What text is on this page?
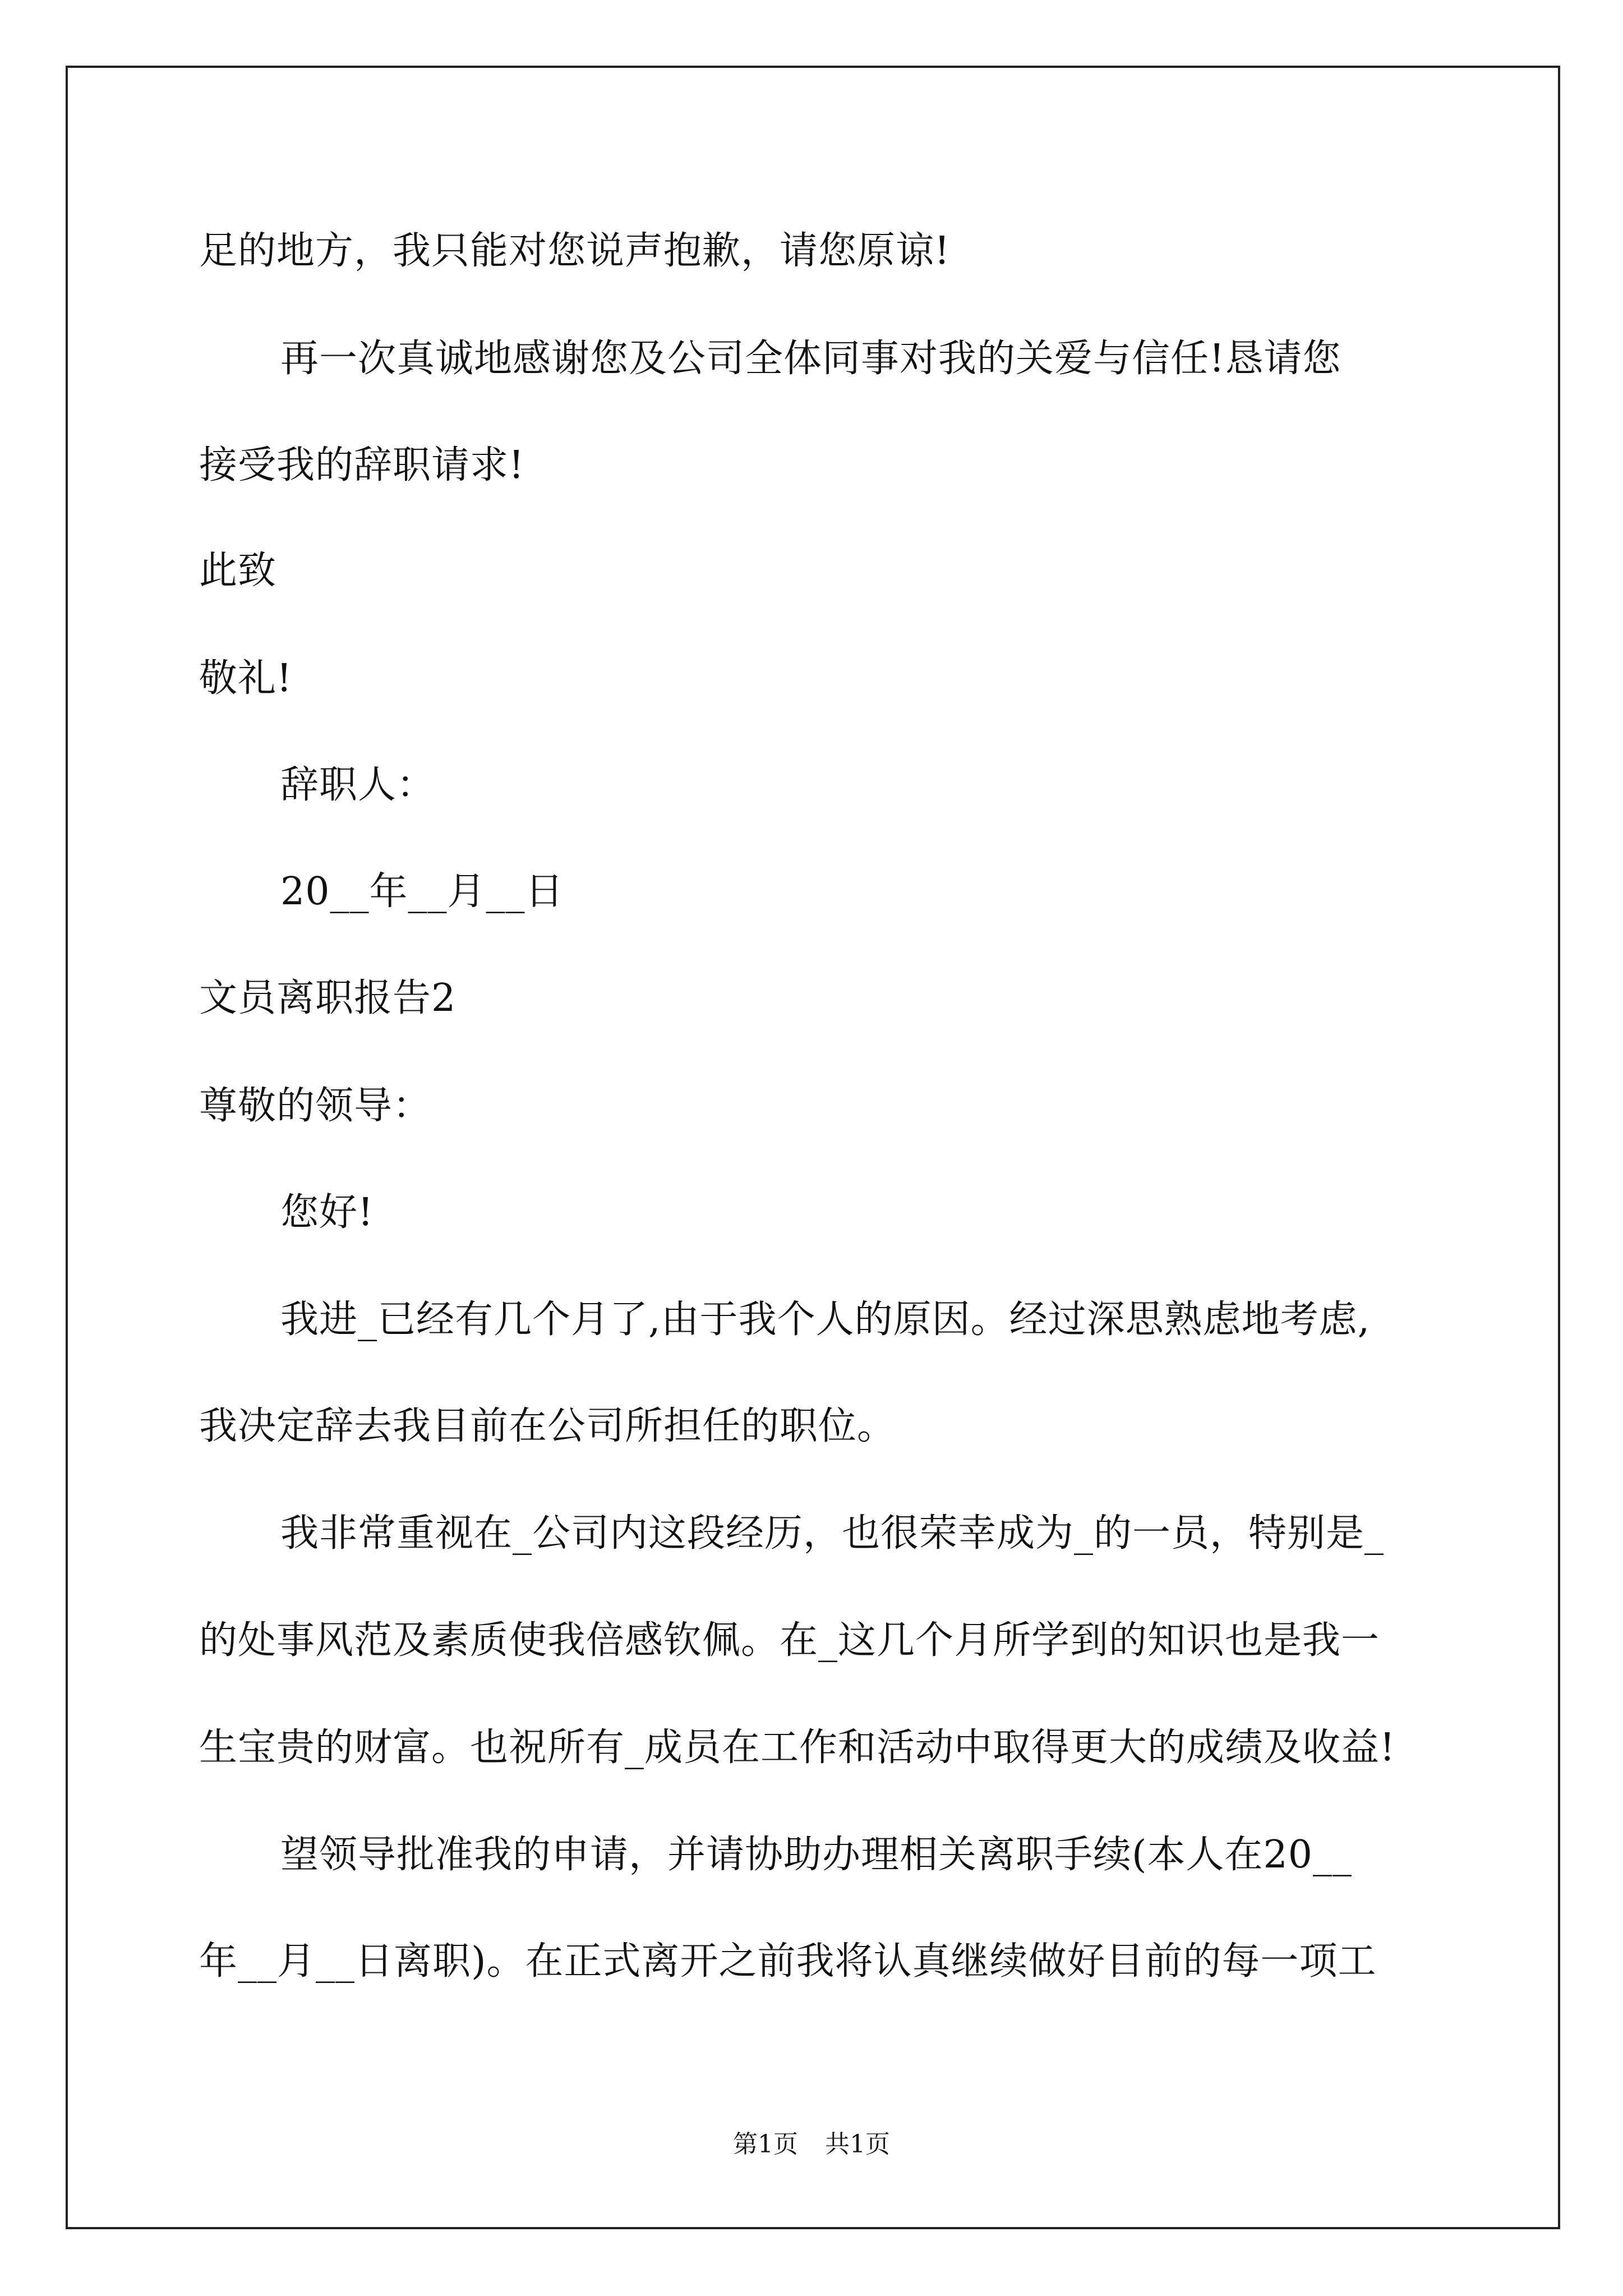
足的地方，我只能对您说声抱歉，请您原谅!
再一次真诚地感谢您及公司全体同事对我的关爱与信任!恳请您
接受我的辞职请求!
此致
敬礼!
辞职人：
20__年__月__日
文员离职报告2
尊敬的领导：
您好!
我进_已经有几个月了,由于我个人的原因。经过深思熟虑地考虑,
我决定辞去我目前在公司所担任的职位。
我非常重视在_公司内这段经历，也很荣幸成为_的一员，特别是_
的处事风范及素质使我倍感钦佩。在_这几个月所学到的知识也是我一
生宝贵的财富。也祝所有_成员在工作和活动中取得更大的成绩及收益!
望领导批准我的申请，并请协助办理相关离职手续(本人在20__
年__月__日离职)。在正式离开之前我将认真继续做好目前的每一项工
第1页 共1页
